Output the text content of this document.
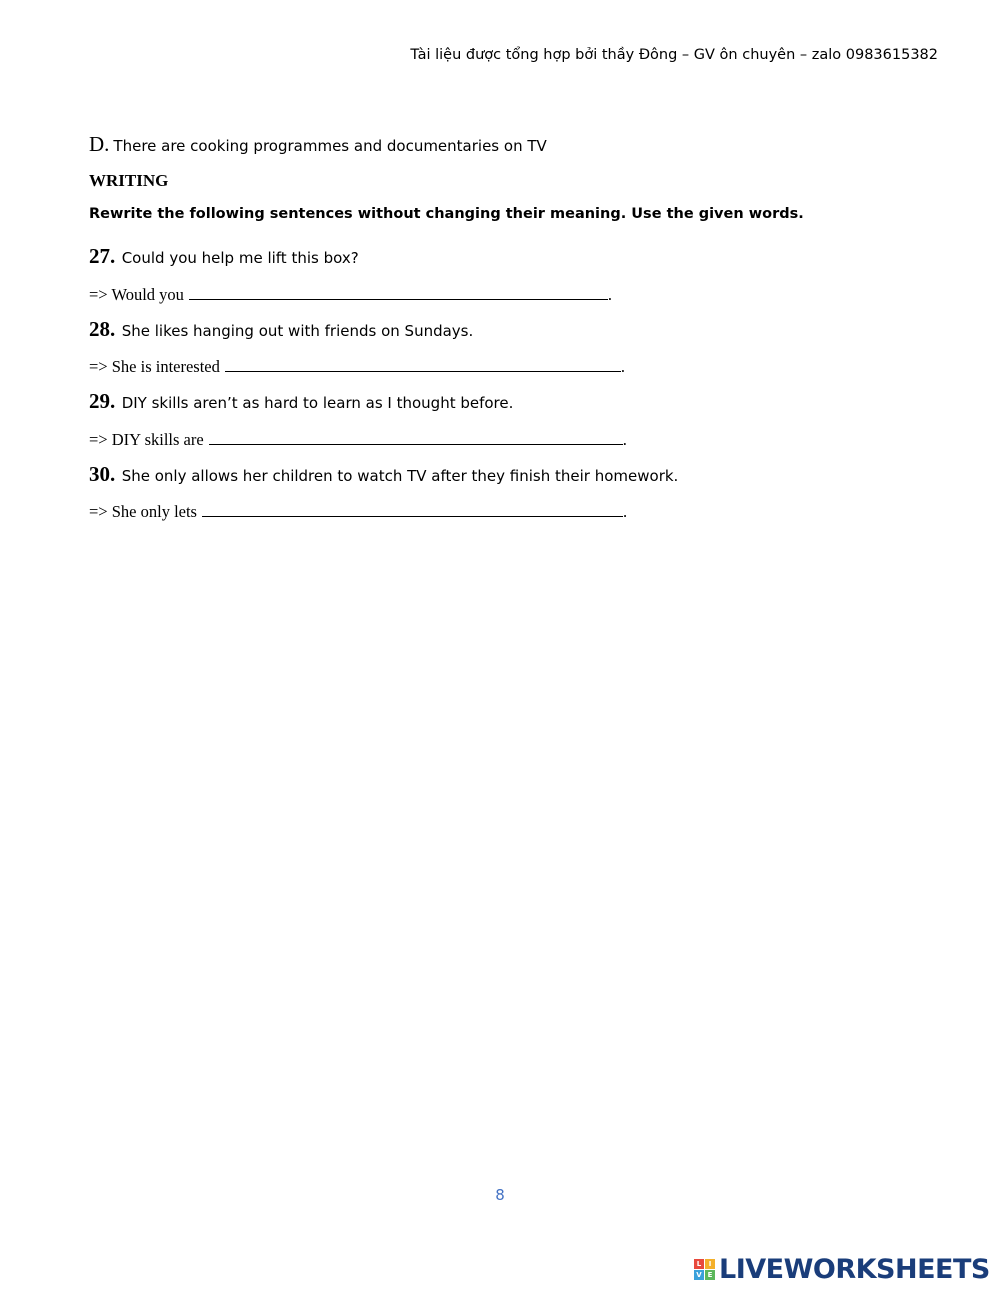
Tài liệu được tổng hợp bởi thầy Đông – GV ôn chuyên – zalo 0983615382
D. There are cooking programmes and documentaries on TV
WRITING
Rewrite the following sentences without changing their meaning. Use the given words.
27. Could you help me lift this box?
=> Would you	.
28. She likes hanging out with friends on Sundays.
=> She is interested	.
29. DIY skills aren’t as hard to learn as I thought before.
=> DIY skills are	.
30. She only allows her children to watch TV after they finish their homework.
=> She only lets	.
8
L	I
V E LIVEWORKSHEETS
